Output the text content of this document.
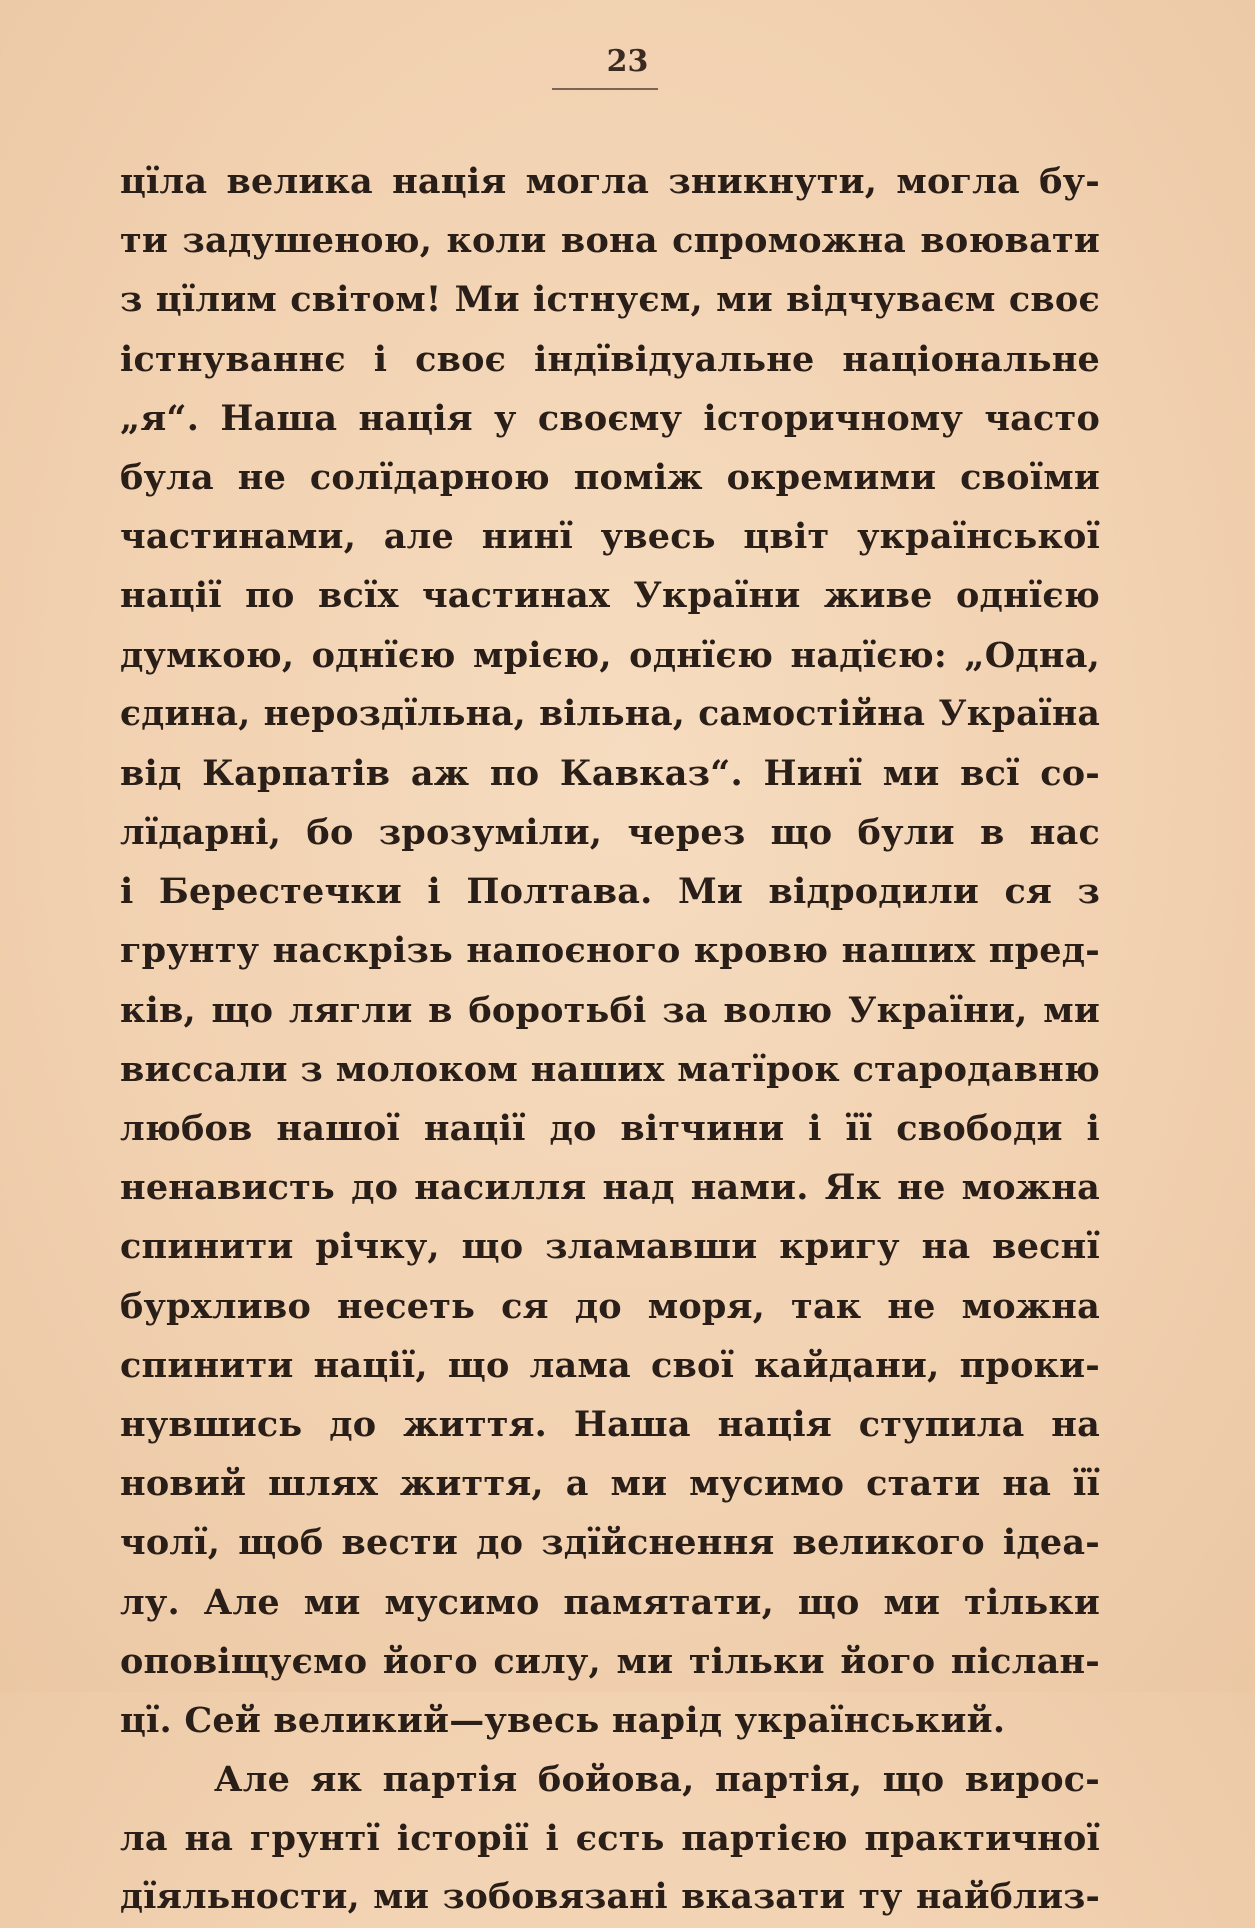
23
цїла велика нація могла зникнути, могла бу-
ти задушеною, коли вона спроможна воювати
з цїлим світом! Ми істнуєм, ми відчуваєм своє
істнуваннє і своє індївідуальне національне
„я“. Наша нація у своєму історичному часто
була не солїдарною поміж окремими своїми
частинами, але нинї увесь цвіт української
нації по всїх частинах України живе однїєю
думкою, однїєю мрією, однїєю надїєю: „Одна,
єдина, нероздїльна, вільна, самостійна Україна
від Карпатів аж по Кавказ“. Нинї ми всї со-
лїдарні, бо зрозуміли, через що були в нас
і Берестечки і Полтава. Ми відродили ся з
грунту наскрізь напоєного кровю наших пред-
ків, що лягли в боротьбі за волю України, ми
виссали з молоком наших матїрок стародавню
любов нашої нації до вітчини і її свободи і
ненависть до насилля над нами. Як не можна
спинити річку, що зламавши кригу на веснї
бурхливо несеть ся до моря, так не можна
спинити нації, що лама свої кайдани, проки-
нувшись до життя. Наша нація ступила на
новий шлях життя, а ми мусимо стати на її
чолї, щоб вести до здїйснення великого ідеа-
лу. Але ми мусимо памятати, що ми тільки
оповіщуємо його силу, ми тільки його післан-
цї. Сей великий—увесь нарід український.
Але як партія бойова, партія, що вирос-
ла на грунтї історії і єсть партією практичної
дїяльности, ми зобовязані вказати ту найблиз-
